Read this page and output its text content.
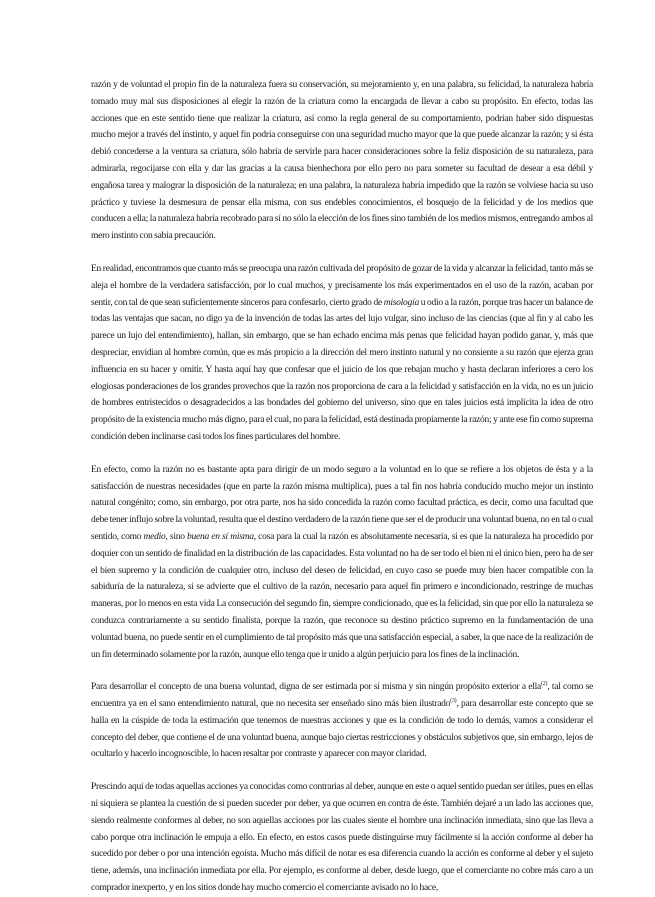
razón y de voluntad el propio fin de la naturaleza fuera su conservación, su mejoramiento y, en una palabra, su felicidad, la naturaleza habría tomado muy mal sus disposiciones al elegir la razón de la criatura como la encargada de llevar a cabo su propósito. En efecto, todas las acciones que en este sentido tiene que realizar la criatura, así como la regla general de su comportamiento, podrían haber sido dispuestas mucho mejor a través del instinto, y aquel fin podría conseguirse con una seguridad mucho mayor que la que puede alcanzar la razón; y si ésta debió concederse a la ventura sa criatura, sólo habría de servirle para hacer consideraciones sobre la feliz disposición de su naturaleza, para admirarla, regocijarse con ella y dar las gracias a la causa bienhechora por ello pero no para someter su facultad de desear a esa débil y engañosa tarea y malograr la disposición de la naturaleza; en una palabra, la naturaleza habría impedido que la razón se volviese hacia su uso práctico y tuviese la desmesura de pensar ella misma, con sus endebles conocimientos, el bosquejo de la felicidad y de los medios que conducen a ella; la naturaleza habría recobrado para sí no sólo la elección de los fines sino también de los medios mismos, entregando ambos al mero instinto con sabia precaución.

En realidad, encontramos que cuanto más se preocupa una razón cultivada del propósito de gozar de la vida y alcanzar la felicidad, tanto más se aleja el hombre de la verdadera satisfacción, por lo cual muchos, y precisamente los más experimentados en el uso de la razón, acaban por sentir, con tal de que sean suficientemente sinceros para confesarlo, cierto grado de misología u odio a la razón, porque tras hacer un balance de todas las ventajas que sacan, no digo ya de la invención de todas las artes del lujo vulgar, sino incluso de las ciencias (que al fin y al cabo les parece un lujo del entendimiento), hallan, sin embargo, que se han echado encima más penas que felicidad hayan podido ganar, y, más que despreciar, envidian al hombre común, que es más propicio a la dirección del mero instinto natural y no consiente a su razón que ejerza gran influencia en su hacer y omitir. Y hasta aquí hay que confesar que el juicio de los que rebajan mucho y hasta declaran inferiores a cero los elogiosas ponderaciones de los grandes provechos que la razón nos proporciona de cara a la felicidad y satisfacción en la vida, no es un juicio de hombres entristecidos o desagradecidos a las bondades del gobierno del universo, sino que en tales juicios está implícita la idea de otro propósito de la existencia mucho más digno, para el cual, no para la felicidad, está destinada propiamente la razón; y ante ese fin como suprema condición deben inclinarse casi todos los fines particulares del hombre.

En efecto, como la razón no es bastante apta para dirigir de un modo seguro a la voluntad en lo que se refiere a los objetos de ésta y a la satisfacción de nuestras necesidades (que en parte la razón misma multiplica), pues a tal fin nos habría conducido mucho mejor un instinto natural congénito; como, sin embargo, por otra parte, nos ha sido concedida la razón como facultad práctica, es decir, como una facultad que debe tener influjo sobre la voluntad, resulta que el destino verdadero de la razón tiene que ser el de producir una voluntad buena, no en tal o cual sentido, como medio, sino buena en sí misma, cosa para la cual la razón es absolutamente necesaria, si es que la naturaleza ha procedido por doquier con un sentido de finalidad en la distribución de las capacidades. Esta voluntad no ha de ser todo el bien ni el único bien, pero ha de ser el bien supremo y la condición de cualquier otro, incluso del deseo de felicidad, en cuyo caso se puede muy bien hacer compatible con la sabiduría de la naturaleza, si se advierte que el cultivo de la razón, necesario para aquel fin primero e incondicionado, restringe de muchas maneras, por lo menos en esta vida La consecución del segundo fin, siempre condicionado, que es la felicidad, sin que por ello la naturaleza se conduzca contrariamente a su sentido finalista, porque la razón, que reconoce su destino práctico supremo en la fundamentación de una voluntad buena, no puede sentir en el cumplimiento de tal propósito más que una satisfacción especial, a saber, la que nace de la realización de un fin determinado solamente por la razón, aunque ello tenga que ir unido a algún perjuicio para los fines de la inclinación.

Para desarrollar el concepto de una buena voluntad, digna de ser estimada por sí misma y sin ningún propósito exterior a ella$^{(2)}$, tal como se encuentra ya en el sano entendimiento natural, que no necesita ser enseñado sino más bien ilustrado$^{(3)}$, para desarrollar este concepto que se halla en la cúspide de toda la estimación que tenemos de nuestras acciones y que es la condición de todo lo demás, vamos a considerar el concepto del deber, que contiene el de una voluntad buena, aunque bajo ciertas restricciones y obstáculos subjetivos que, sin embargo, lejos de ocultarlo y hacerlo incognoscible, lo hacen resaltar por contraste y aparecer con mayor claridad.

Prescindo aquí de todas aquellas acciones ya conocidas como contrarias al deber, aunque en este o aquel sentido puedan ser útiles, pues en ellas ni siquiera se plantea la cuestión de si pueden suceder por deber, ya que ocurren en contra de éste. También dejaré a un lado las acciones que, siendo realmente conformes al deber, no son aquellas acciones por las cuales siente el hombre una inclinación inmediata, sino que las lleva a cabo porque otra inclinación le empuja a ello. En efecto, en estos casos puede distinguirse muy fácilmente si la acción conforme al deber ha sucedido por deber o por una intención egoísta. Mucho más difícil de notar es esa diferencia cuando la acción es conforme al deber y el sujeto tiene, además, una inclinación inmediata por ella. Por ejemplo, es conforme al deber, desde luego, que el comerciante no cobre más caro a un comprador inexperto, y en los sitios donde hay mucho comercio el comerciante avisado no lo hace,
